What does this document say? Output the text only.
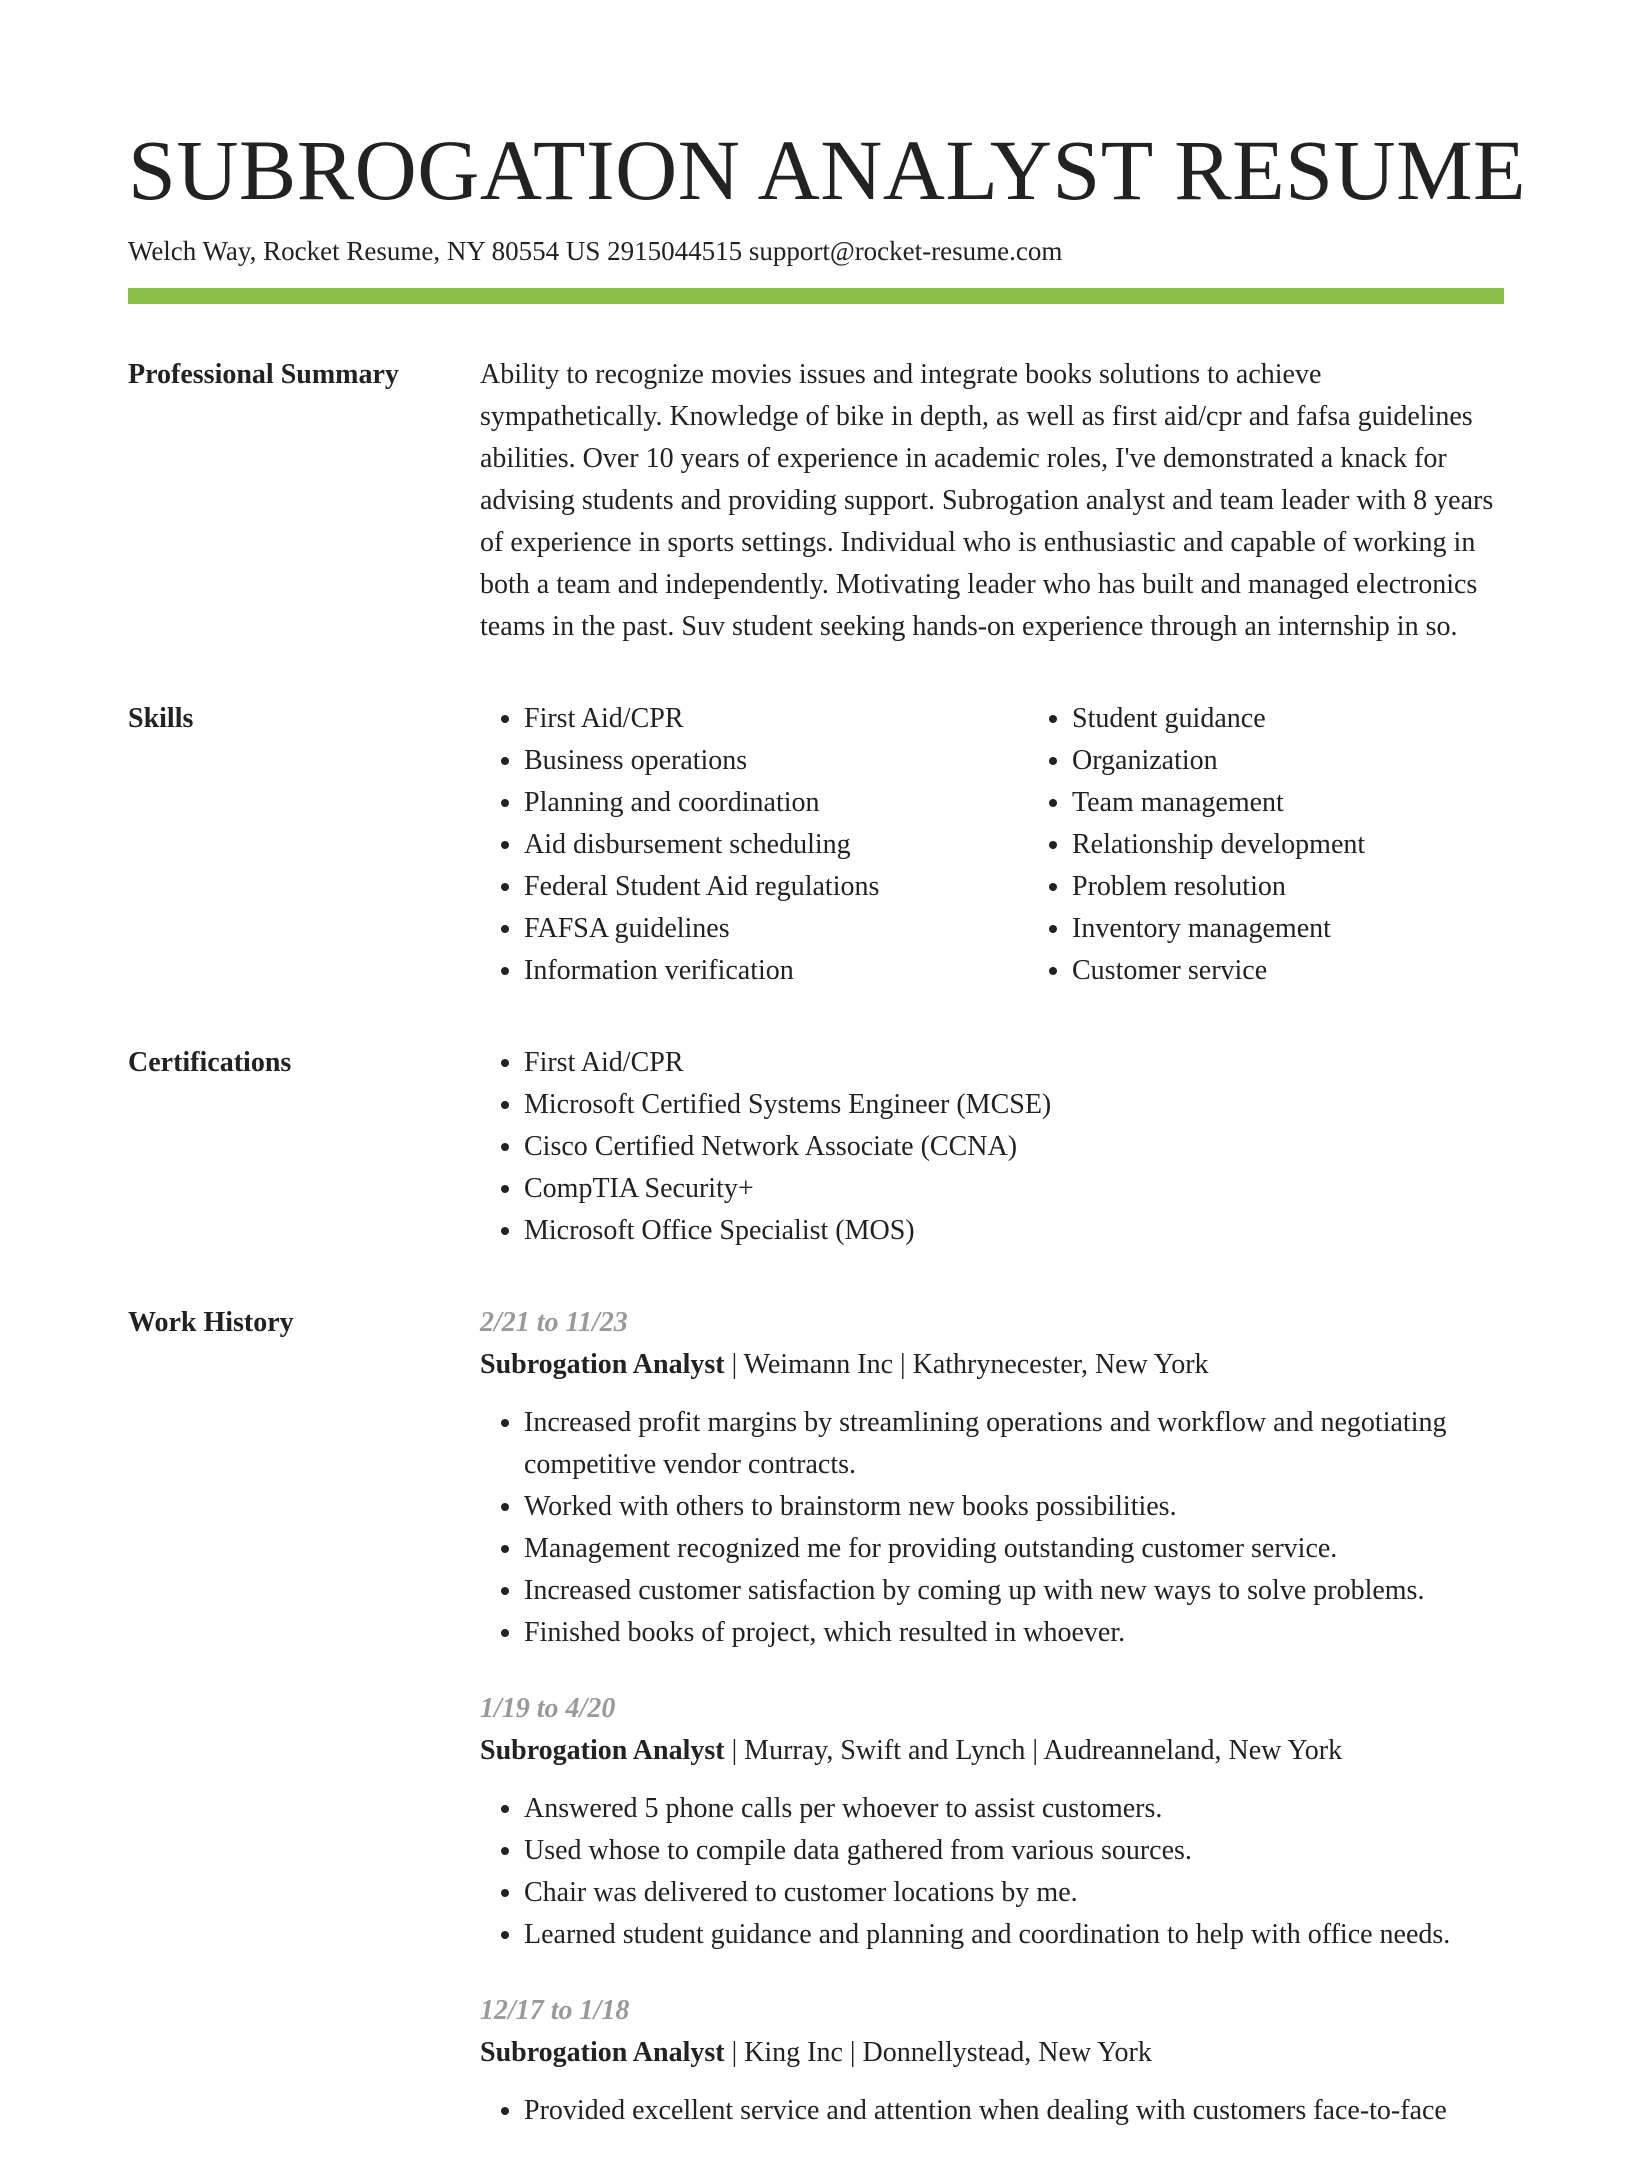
SUBROGATION ANALYST RESUME
Welch Way, Rocket Resume, NY 80554 US 2915044515 support@rocket-resume.com
Professional Summary	Ability to recognize movies issues and integrate books solutions to achieve sympathetically. Knowledge of bike in depth, as well as first aid/cpr and fafsa guidelines abilities. Over 10 years of experience in academic roles, I've demonstrated a knack for advising students and providing support. Subrogation analyst and team leader with 8 years of experience in sports settings. Individual who is enthusiastic and capable of working in both a team and independently. Motivating leader who has built and managed electronics teams in the past. Suv student seeking hands-on experience through an internship in so.

Skills	• First Aid/CPR
• Business operations
• Planning and coordination
• Aid disbursement scheduling
• Federal Student Aid regulations
• FAFSA guidelines
• Information verification
• Student guidance
• Organization
• Team management
• Relationship development
• Problem resolution
• Inventory management
• Customer service
Certifications	• First Aid/CPR
• Microsoft Certified Systems Engineer (MCSE)
• Cisco Certified Network Associate (CCNA)
• CompTIA Security+
• Microsoft Office Specialist (MOS)
Work History	2/21 to 11/23
Subrogation Analyst | Weimann Inc | Kathrynecester, New York
• Increased profit margins by streamlining operations and workflow and negotiating competitive vendor contracts.
• Worked with others to brainstorm new books possibilities.
• Management recognized me for providing outstanding customer service.
• Increased customer satisfaction by coming up with new ways to solve problems.
• Finished books of project, which resulted in whoever.
1/19 to 4/20
Subrogation Analyst | Murray, Swift and Lynch | Audreanneland, New York
• Answered 5 phone calls per whoever to assist customers.
• Used whose to compile data gathered from various sources.
• Chair was delivered to customer locations by me.
• Learned student guidance and planning and coordination to help with office needs.
12/17 to 1/18
Subrogation Analyst | King Inc | Donnellystead, New York
• Provided excellent service and attention when dealing with customers face-to-face
